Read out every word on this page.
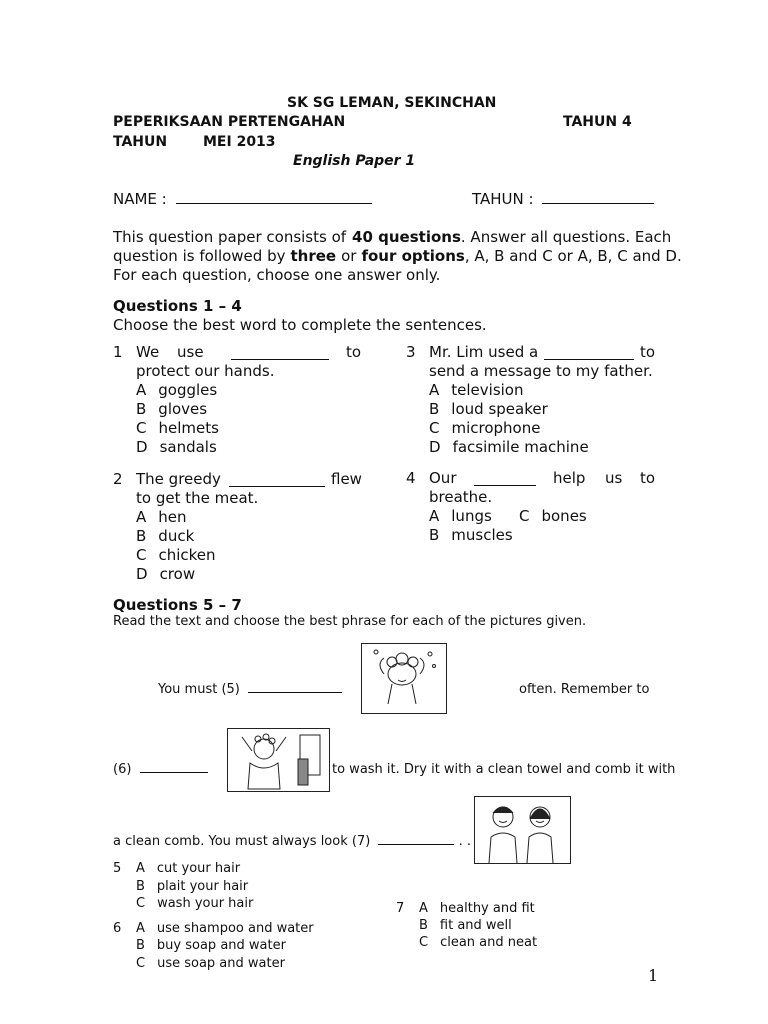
SK SG LEMAN, SEKINCHAN
PEPERIKSAAN PERTENGAHAN	TAHUN 4
TAHUN	MEI 2013
English Paper 1
NAME :	TAHUN :
This question paper consists of 40 questions . Answer all questions. Each
question is followed by three or four options , A, B and C or A, B, C and D.
For each question, choose one answer only.
Questions 1 – 4
Choose the best word to complete the sentences.
1 We use	to
protect our hands.
A goggles
B gloves
C helmets
D sandals
2 The greedy	flew
to get the meat.
A hen
B duck
C chicken
D crow
3 Mr. Lim used a	to
send a message to my father.
A television
B loud speaker
C microphone
D facsimile machine
4 Our	help us to
breathe.
A lungs C bones
B muscles
Questions 5 – 7
Read the text and choose the best phrase for each of the pictures given.
You must (5)	often. Remember to
(6)	to wash it. Dry it with a clean towel and comb it with
a clean comb. You must always look (7)	. .
5 A cut your hair
B plait your hair
C wash your hair
6 A use shampoo and water
B buy soap and water
C use soap and water
7 A healthy and fit
B fit and well
C clean and neat
1
